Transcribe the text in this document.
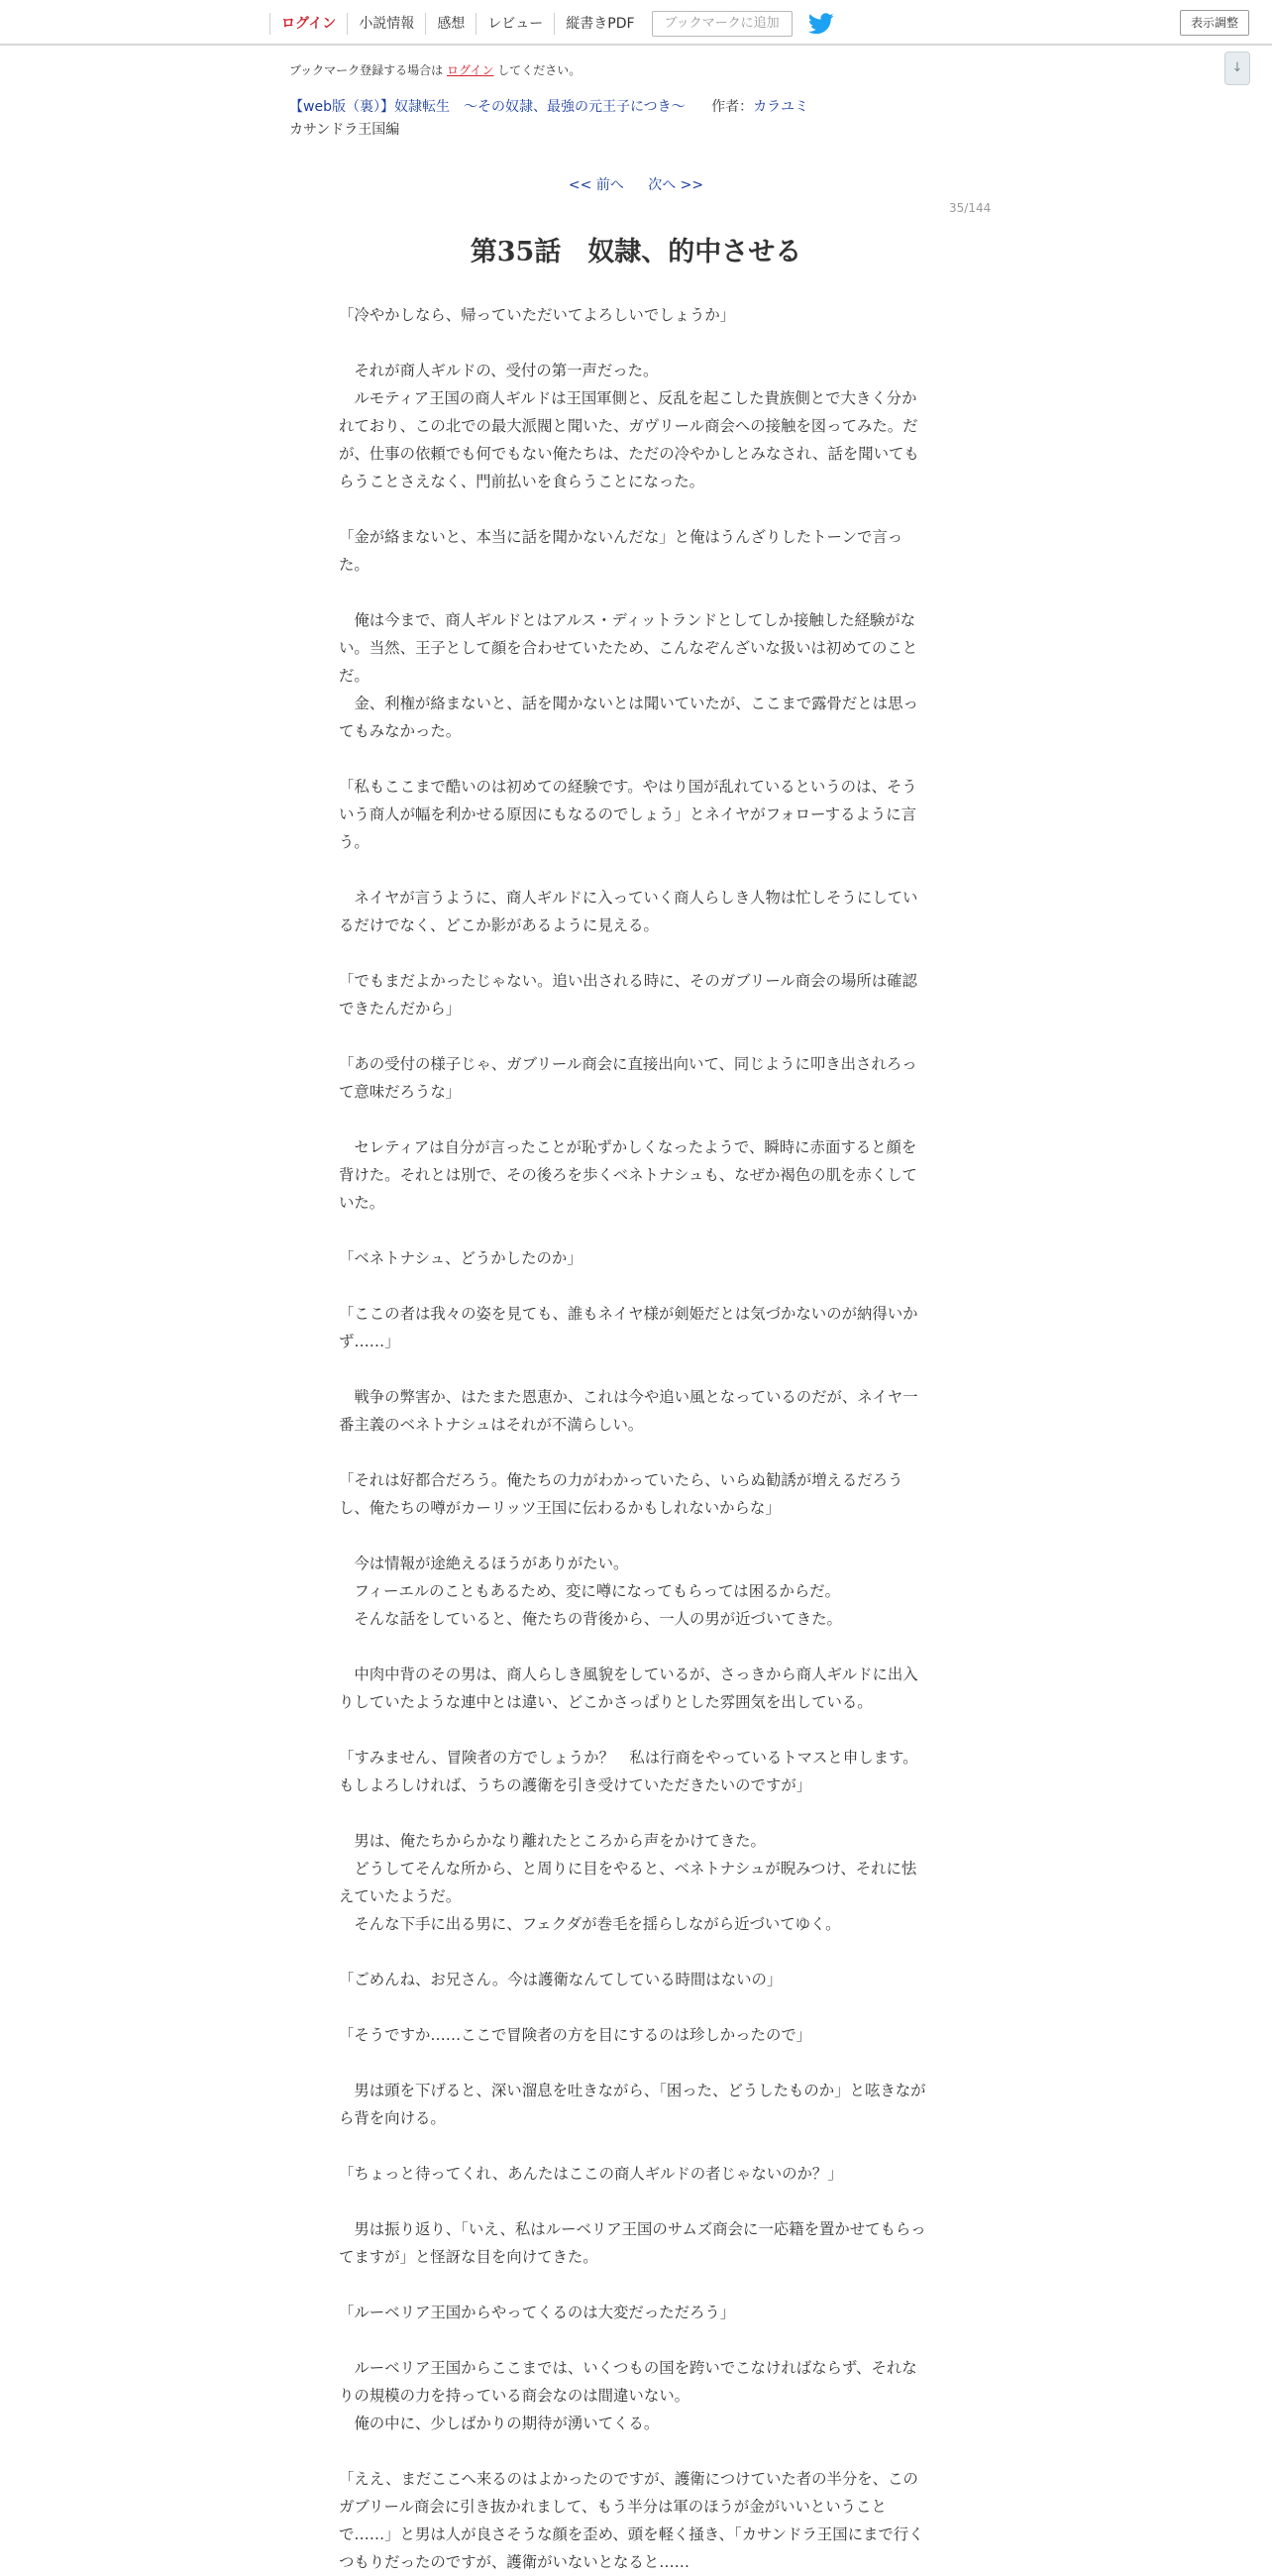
ログイン	小説情報	感想	レビュー	縦書きPDF	ブックマークに追加	表示調整
↓
ブックマーク登録する場合は ログイン してください。
【web版（裏）】奴隷転生　～その奴隷、最強の元王子につき～ 作者：カラユミ
カサンドラ王国編
<< 前へ 次へ >>
35/144
第35話　奴隷、的中させる

「冷やかしなら、帰っていただいてよろしいでしょうか」

　それが商人ギルドの、受付の第一声だった。

　ルモティア王国の商人ギルドは王国軍側と、反乱を起こした貴族側とで大きく分かれており、この北での最大派閥と聞いた、ガヴリール商会への接触を図ってみた。だが、仕事の依頼でも何でもない俺たちは、ただの冷やかしとみなされ、話を聞いてもらうことさえなく、門前払いを食らうことになった。

「金が絡まないと、本当に話を聞かないんだな」と俺はうんざりしたトーンで言った。

　俺は今まで、商人ギルドとはアルス・ディットランドとしてしか接触した経験がない。当然、王子として顔を合わせていたため、こんなぞんざいな扱いは初めてのことだ。

　金、利権が絡まないと、話を聞かないとは聞いていたが、ここまで露骨だとは思ってもみなかった。

「私もここまで酷いのは初めての経験です。やはり国が乱れているというのは、そういう商人が幅を利かせる原因にもなるのでしょう」とネイヤがフォローするように言う。

　ネイヤが言うように、商人ギルドに入っていく商人らしき人物は忙しそうにしているだけでなく、どこか影があるように見える。

「でもまだよかったじゃない。追い出される時に、そのガブリール商会の場所は確認できたんだから」

「あの受付の様子じゃ、ガブリール商会に直接出向いて、同じように叩き出されろって意味だろうな」

　セレティアは自分が言ったことが恥ずかしくなったようで、瞬時に赤面すると顔を背けた。それとは別で、その後ろを歩くベネトナシュも、なぜか褐色の肌を赤くしていた。

「ベネトナシュ、どうかしたのか」

「ここの者は我々の姿を見ても、誰もネイヤ様が剣姫だとは気づかないのが納得いかず……」

　戦争の弊害か、はたまた恩恵か、これは今や追い風となっているのだが、ネイヤ一番主義のベネトナシュはそれが不満らしい。

「それは好都合だろう。俺たちの力がわかっていたら、いらぬ勧誘が増えるだろうし、俺たちの噂がカーリッツ王国に伝わるかもしれないからな」

　今は情報が途絶えるほうがありがたい。

　フィーエルのこともあるため、変に噂になってもらっては困るからだ。

　そんな話をしていると、俺たちの背後から、一人の男が近づいてきた。

　中肉中背のその男は、商人らしき風貌をしているが、さっきから商人ギルドに出入りしていたような連中とは違い、どこかさっぱりとした雰囲気を出している。

「すみません、冒険者の方でしょうか？　私は行商をやっているトマスと申します。もしよろしければ、うちの護衛を引き受けていただきたいのですが」

　男は、俺たちからかなり離れたところから声をかけてきた。

　どうしてそんな所から、と周りに目をやると、ベネトナシュが睨みつけ、それに怯えていたようだ。

　そんな下手に出る男に、フェクダが巻毛を揺らしながら近づいてゆく。

「ごめんね、お兄さん。今は護衛なんてしている時間はないの」

「そうですか……ここで冒険者の方を目にするのは珍しかったので」

　男は頭を下げると、深い溜息を吐きながら、「困った、どうしたものか」と呟きながら背を向ける。

「ちょっと待ってくれ、あんたはここの商人ギルドの者じゃないのか？」

　男は振り返り、「いえ、私はルーベリア王国のサムズ商会に一応籍を置かせてもらってますが」と怪訝な目を向けてきた。

「ルーベリア王国からやってくるのは大変だっただろう」

　ルーベリア王国からここまでは、いくつもの国を跨いでこなければならず、それなりの規模の力を持っている商会なのは間違いない。

　俺の中に、少しばかりの期待が湧いてくる。

「ええ、まだここへ来るのはよかったのですが、護衛につけていた者の半分を、このガブリール商会に引き抜かれまして、もう半分は軍のほうが金がいいということで……」と男は人が良さそうな顔を歪め、頭を軽く掻き、「カサンドラ王国にまで行くつもりだったのですが、護衛がいないとなると……
